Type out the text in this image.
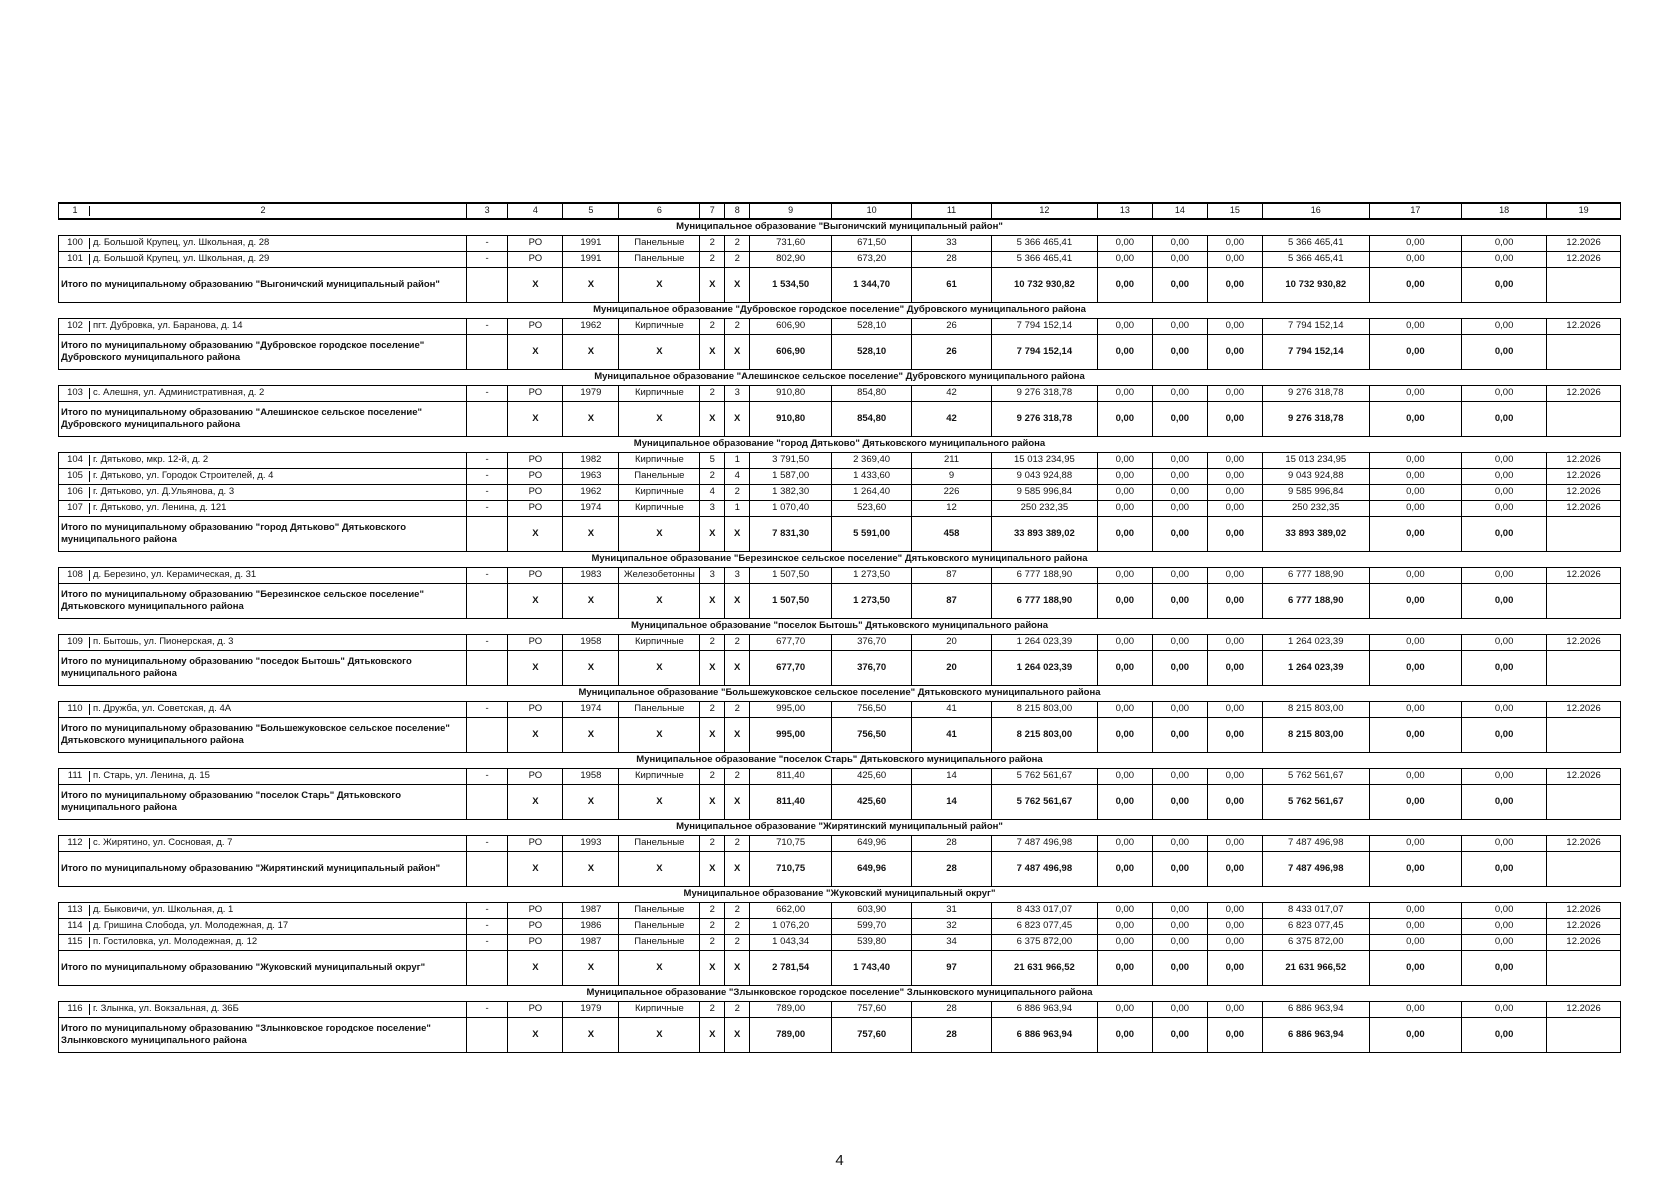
1 2	3	4	5	6	7	8	9	10	11	12	13	14	15	16	17	18	19
Муниципальное образование "Выгоничский муниципальный район"																	
100 д. Большой Крупец, ул. Школьная, д. 28	-	РО	1991	Панельные	2	2	731,60	671,50	33	5 366 465,41	0,00	0,00	0,00	5 366 465,41	0,00	0,00	12.2026
101 д. Большой Крупец, ул. Школьная, д. 29	-	РО	1991	Панельные	2	2	802,90	673,20	28	5 366 465,41	0,00	0,00	0,00	5 366 465,41	0,00	0,00	12.2026
Итого по муниципальному образованию "Выгоничский муниципальный район"		X	X	X	X	X	1 534,50	1 344,70	61	10 732 930,82	0,00	0,00	0,00	10 732 930,82	0,00	0,00	
Муниципальное образование "Дубровское городское поселение" Дубровского муниципального района																	
102 пгт. Дубровка, ул. Баранова, д. 14	-	РО	1962	Кирпичные	2	2	606,90	528,10	26	7 794 152,14	0,00	0,00	0,00	7 794 152,14	0,00	0,00	12.2026
Итого по муниципальному образованию "Дубровское городское поселение" Дубровского муниципального района		X	X	X	X	X	606,90	528,10	26	7 794 152,14	0,00	0,00	0,00	7 794 152,14	0,00	0,00	
Муниципальное образование "Алешинское сельское поселение" Дубровского муниципального района																	
103 с. Алешня, ул. Административная, д. 2	-	РО	1979	Кирпичные	2	3	910,80	854,80	42	9 276 318,78	0,00	0,00	0,00	9 276 318,78	0,00	0,00	12.2026
Итого по муниципальному образованию "Алешинское сельское поселение" Дубровского муниципального района		X	X	X	X	X	910,80	854,80	42	9 276 318,78	0,00	0,00	0,00	9 276 318,78	0,00	0,00	
Муниципальное образование "город Дятьково" Дятьковского муниципального района																	
104 г. Дятьково, мкр. 12-й, д. 2	-	РО	1982	Кирпичные	5	1	3 791,50	2 369,40	211	15 013 234,95	0,00	0,00	0,00	15 013 234,95	0,00	0,00	12.2026
105 г. Дятьково, ул. Городок Строителей, д. 4	-	РО	1963	Панельные	2	4	1 587,00	1 433,60	9	9 043 924,88	0,00	0,00	0,00	9 043 924,88	0,00	0,00	12.2026
106 г. Дятьково, ул. Д.Ульянова, д. 3	-	РО	1962	Кирпичные	4	2	1 382,30	1 264,40	226	9 585 996,84	0,00	0,00	0,00	9 585 996,84	0,00	0,00	12.2026
107 г. Дятьково, ул. Ленина, д. 121	-	РО	1974	Кирпичные	3	1	1 070,40	523,60	12	250 232,35	0,00	0,00	0,00	250 232,35	0,00	0,00	12.2026
Итого по муниципальному образованию "город Дятьково" Дятьковского муниципального района		X	X	X	X	X	7 831,30	5 591,00	458	33 893 389,02	0,00	0,00	0,00	33 893 389,02	0,00	0,00	
Муниципальное образование "Березинское сельское поселение" Дятьковского муниципального района																	
108 д. Березино, ул. Керамическая, д. 31	-	РО	1983	Железобетонны	3	3	1 507,50	1 273,50	87	6 777 188,90	0,00	0,00	0,00	6 777 188,90	0,00	0,00	12.2026
Итого по муниципальному образованию "Березинское сельское поселение" Дятьковского муниципального района		X	X	X	X	X	1 507,50	1 273,50	87	6 777 188,90	0,00	0,00	0,00	6 777 188,90	0,00	0,00	
Муниципальное образование "поселок Бытошь" Дятьковского муниципального района																	
109 п. Бытошь, ул. Пионерская, д. 3	-	РО	1958	Кирпичные	2	2	677,70	376,70	20	1 264 023,39	0,00	0,00	0,00	1 264 023,39	0,00	0,00	12.2026
Итого по муниципальному образованию "поседок Бытошь" Дятьковского муниципального района		X	X	X	X	X	677,70	376,70	20	1 264 023,39	0,00	0,00	0,00	1 264 023,39	0,00	0,00	
Муниципальное образование "Большежуковское сельское поселение" Дятьковского муниципального района																	
110 п. Дружба, ул. Советская, д. 4А	-	РО	1974	Панельные	2	2	995,00	756,50	41	8 215 803,00	0,00	0,00	0,00	8 215 803,00	0,00	0,00	12.2026
Итого по муниципальному образованию "Большежуковское сельское поселение" Дятьковского муниципального района		X	X	X	X	X	995,00	756,50	41	8 215 803,00	0,00	0,00	0,00	8 215 803,00	0,00	0,00	
Муниципальное образование "поселок Старь" Дятьковского муниципального района																	
111 п. Старь, ул. Ленина, д. 15	-	РО	1958	Кирпичные	2	2	811,40	425,60	14	5 762 561,67	0,00	0,00	0,00	5 762 561,67	0,00	0,00	12.2026
Итого по муниципальному образованию "поселок Старь" Дятьковского муниципального района		X	X	X	X	X	811,40	425,60	14	5 762 561,67	0,00	0,00	0,00	5 762 561,67	0,00	0,00	
Муниципальное образование "Жирятинский муниципальный район"																	
112 с. Жирятино, ул. Сосновая, д. 7	-	РО	1993	Панельные	2	2	710,75	649,96	28	7 487 496,98	0,00	0,00	0,00	7 487 496,98	0,00	0,00	12.2026
Итого по муниципальному образованию "Жирятинский муниципальный район"		X	X	X	X	X	710,75	649,96	28	7 487 496,98	0,00	0,00	0,00	7 487 496,98	0,00	0,00	
Муниципальное образование "Жуковский муниципальный округ"																	
113 д. Быковичи, ул. Школьная, д. 1	-	РО	1987	Панельные	2	2	662,00	603,90	31	8 433 017,07	0,00	0,00	0,00	8 433 017,07	0,00	0,00	12.2026
114 д. Гришина Слобода, ул. Молодежная, д. 17	-	РО	1986	Панельные	2	2	1 076,20	599,70	32	6 823 077,45	0,00	0,00	0,00	6 823 077,45	0,00	0,00	12.2026
115 п. Гостиловка, ул. Молодежная, д. 12	-	РО	1987	Панельные	2	2	1 043,34	539,80	34	6 375 872,00	0,00	0,00	0,00	6 375 872,00	0,00	0,00	12.2026
Итого по муниципальному образованию "Жуковский муниципальный округ"		X	X	X	X	X	2 781,54	1 743,40	97	21 631 966,52	0,00	0,00	0,00	21 631 966,52	0,00	0,00	
Муниципальное образование "Злынковское городское поселение" Злынковского муниципального района																	
116 г. Злынка, ул. Вокзальная, д. 36Б	-	РО	1979	Кирпичные	2	2	789,00	757,60	28	6 886 963,94	0,00	0,00	0,00	6 886 963,94	0,00	0,00	12.2026
Итого по муниципальному образованию "Злынковское городское поселение" Злынковского муниципального района		X	X	X	X	X	789,00	757,60	28	6 886 963,94	0,00	0,00	0,00	6 886 963,94	0,00	0,00	
4
